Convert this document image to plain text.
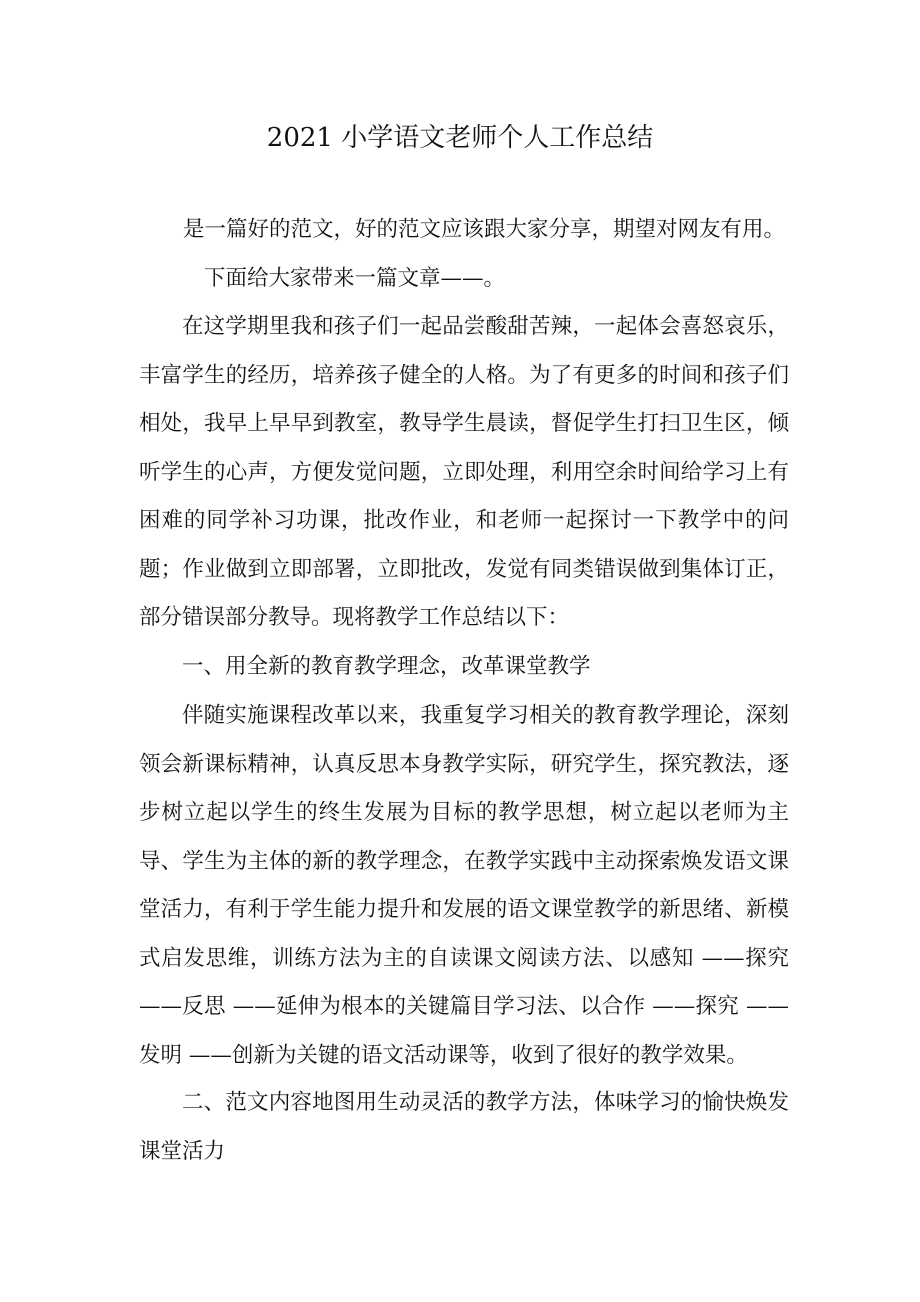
2021 小学语文老师个人工作总结

是一篇好的范文，好的范文应该跟大家分享，期望对网友有用。

下面给大家带来一篇文章——。

在这学期里我和孩子们一起品尝酸甜苦辣，一起体会喜怒哀乐，丰富学生的经历，培养孩子健全的人格。为了有更多的时间和孩子们相处，我早上早早到教室，教导学生晨读，督促学生打扫卫生区，倾听学生的心声，方便发觉问题，立即处理，利用空余时间给学习上有困难的同学补习功课，批改作业，和老师一起探讨一下教学中的问题；作业做到立即部署，立即批改，发觉有同类错误做到集体订正，部分错误部分教导。现将教学工作总结以下：

一、用全新的教育教学理念，改革课堂教学

伴随实施课程改革以来，我重复学习相关的教育教学理论，深刻领会新课标精神，认真反思本身教学实际，研究学生，探究教法，逐步树立起以学生的终生发展为目标的教学思想，树立起以老师为主导、学生为主体的新的教学理念，在教学实践中主动探索焕发语文课堂活力，有利于学生能力提升和发展的语文课堂教学的新思绪、新模式启发思维，训练方法为主的自读课文阅读方法、以感知 ——探究 ——反思 ——延伸为根本的关键篇目学习法、以合作 ——探究 ——发明 ——创新为关键的语文活动课等，收到了很好的教学效果。

二、范文内容地图用生动灵活的教学方法，体味学习的愉快焕发课堂活力
